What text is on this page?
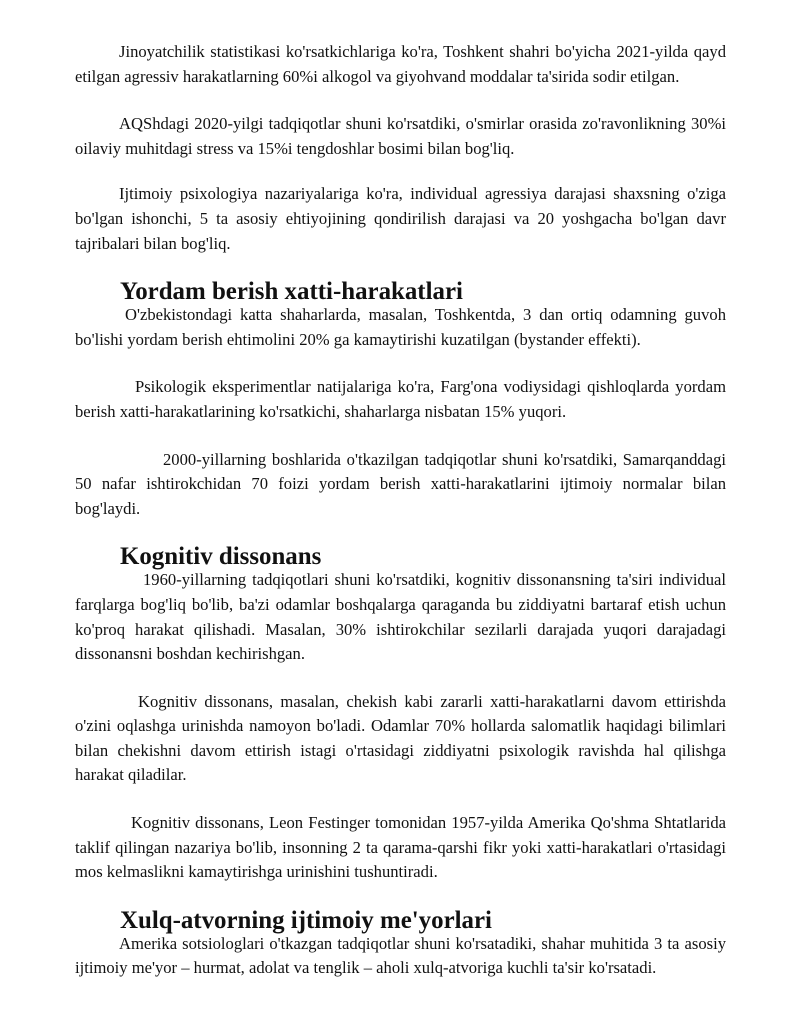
Jinoyatchilik statistikasi ko'rsatkichlariga ko'ra, Toshkent shahri bo'yicha 2021-yilda qayd etilgan agressiv harakatlarning 60%i alkogol va giyohvand moddalar ta'sirida sodir etilgan.

AQShdagi 2020-yilgi tadqiqotlar shuni ko'rsatdiki, o'smirlar orasida zo'ravonlikning 30%i oilaviy muhitdagi stress va 15%i tengdoshlar bosimi bilan bog'liq.

Ijtimoiy psixologiya nazariyalariga ko'ra, individual agressiya darajasi shaxsning o'ziga bo'lgan ishonchi, 5 ta asosiy ehtiyojining qondirilish darajasi va 20 yoshgacha bo'lgan davr tajribalari bilan bog'liq.

Yordam berish xatti-harakatlari

O'zbekistondagi katta shaharlarda, masalan, Toshkentda, 3 dan ortiq odamning guvoh bo'lishi yordam berish ehtimolini 20% ga kamaytirishi kuzatilgan (bystander effekti).

Psikologik eksperimentlar natijalariga ko'ra, Farg'ona vodiysidagi qishloqlarda yordam berish xatti-harakatlarining ko'rsatkichi, shaharlarga nisbatan 15% yuqori.

2000-yillarning boshlarida o'tkazilgan tadqiqotlar shuni ko'rsatdiki, Samarqanddagi 50 nafar ishtirokchidan 70 foizi yordam berish xatti-harakatlarini ijtimoiy normalar bilan bog'laydi.

Kognitiv dissonans

1960-yillarning tadqiqotlari shuni ko'rsatdiki, kognitiv dissonansning ta'siri individual farqlarga bog'liq bo'lib, ba'zi odamlar boshqalarga qaraganda bu ziddiyatni bartaraf etish uchun ko'proq harakat qilishadi. Masalan, 30% ishtirokchilar sezilarli darajada yuqori darajadagi dissonansni boshdan kechirishgan.

Kognitiv dissonans, masalan, chekish kabi zararli xatti-harakatlarni davom ettirishda o'zini oqlashga urinishda namoyon bo'ladi. Odamlar 70% hollarda salomatlik haqidagi bilimlari bilan chekishni davom ettirish istagi o'rtasidagi ziddiyatni psixologik ravishda hal qilishga harakat qiladilar.

Kognitiv dissonans, Leon Festinger tomonidan 1957-yilda Amerika Qo'shma Shtatlarida taklif qilingan nazariya bo'lib, insonning 2 ta qarama-qarshi fikr yoki xatti-harakatlari o'rtasidagi mos kelmaslikni kamaytirishga urinishini tushuntiradi.

Xulq-atvorning ijtimoiy me'yorlari

Amerika sotsiologlari o'tkazgan tadqiqotlar shuni ko'rsatadiki, shahar muhitida 3 ta asosiy ijtimoiy me'yor – hurmat, adolat va tenglik – aholi xulq-atvoriga kuchli ta'sir ko'rsatadi.
